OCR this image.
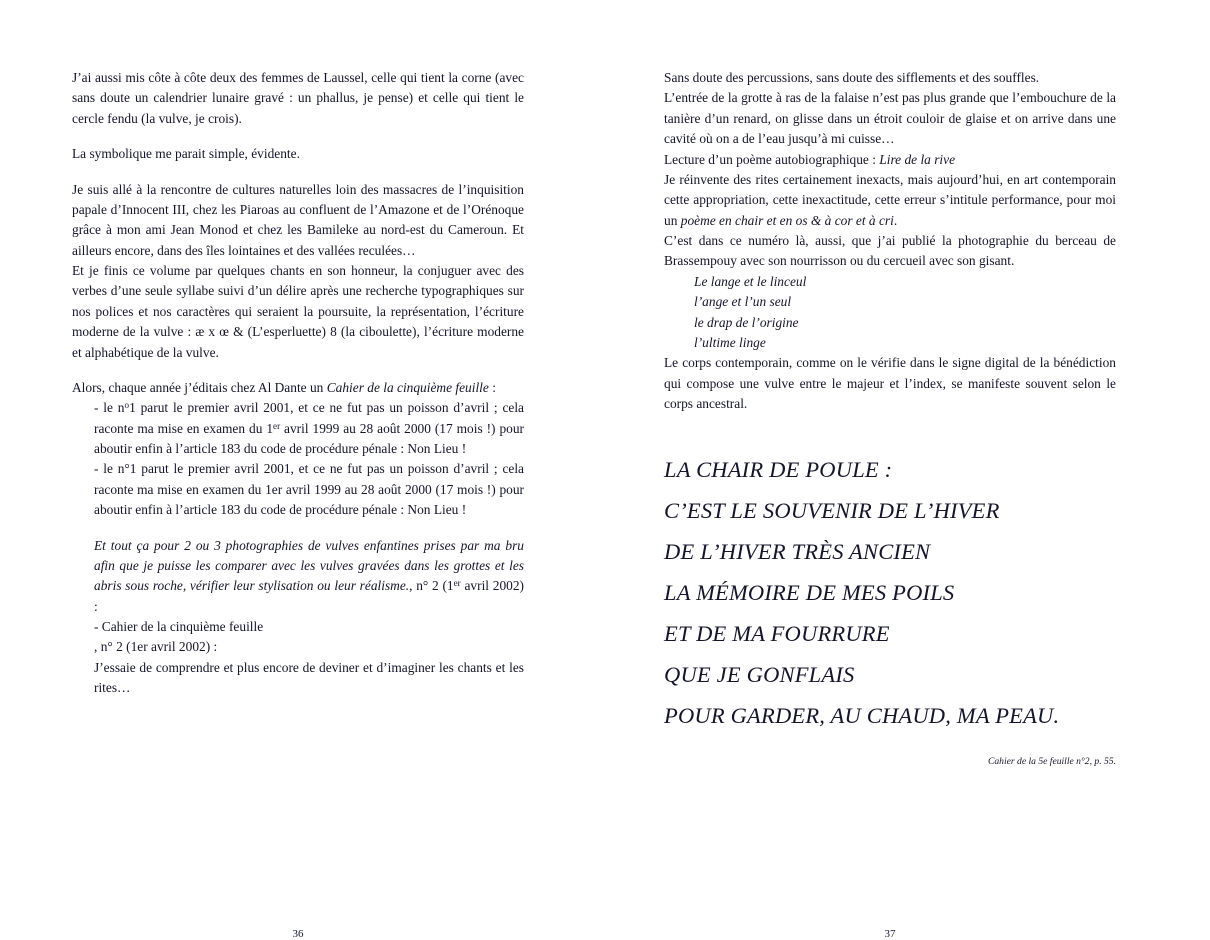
J’ai aussi mis côte à côte deux des femmes de Laussel, celle qui tient la corne (avec sans doute un calendrier lunaire gravé : un phallus, je pense) et celle qui tient le cercle fendu (la vulve, je crois).

La symbolique me parait simple, évidente.

Je suis allé à la rencontre de cultures naturelles loin des massacres de l’inquisition papale d’Innocent III, chez les Piaroas au confluent de l’Amazone et de l’Orénoque grâce à mon ami Jean Monod et chez les Bamileke au nord-est du Cameroun. Et ailleurs encore, dans des îles lointaines et des vallées reculées…

Et je finis ce volume par quelques chants en son honneur, la conjuguer avec des verbes d’une seule syllabe suivi d’un délire après une recherche typographiques sur nos polices et nos caractères qui seraient la poursuite, la représentation, l’écriture moderne de la vulve : æ x œ & (L’esperluette) 8 (la ciboulette), l’écriture moderne et alphabétique de la vulve.

Alors, chaque année j’éditais chez Al Dante un Cahier de la cinquième feuille :

- le $n^o1$ parut le premier avril 2001, et ce ne fut pas un poisson d’avril ; cela raconte ma mise en examen du 1er avril 1999 au 28 août 2000 (17 mois !) pour aboutir enfin à l’article 183 du code de procédure pénale : Non Lieu !

- le n°1 parut le premier avril 2001, et ce ne fut pas un poisson d’avril ; cela raconte ma mise en examen du 1er avril 1999 au 28 août 2000 (17 mois !) pour aboutir enfin à l’article 183 du code de procédure pénale : Non Lieu !

Et tout ça pour 2 ou 3 photographies de vulves enfantines prises par ma bru afin que je puisse les comparer avec les vulves gravées dans les grottes et les abris sous roche, vérifier leur stylisation ou leur réalisme., n° 2 (1er avril 2002) :

- Cahier de la cinquième feuille

, n° 2 (1er avril 2002) :

J’essaie de comprendre et plus encore de deviner et d’imaginer les chants et les rites…

36

Sans doute des percussions, sans doute des sifflements et des souffles.

L’entrée de la grotte à ras de la falaise n’est pas plus grande que l’embouchure de la tanière d’un renard, on glisse dans un étroit couloir de glaise et on arrive dans une cavité où on a de l’eau jusqu’à mi cuisse…

Lecture d’un poème autobiographique : Lire de la rive

Je réinvente des rites certainement inexacts, mais aujourd’hui, en art contemporain cette appropriation, cette inexactitude, cette erreur s’intitule performance, pour moi un poème en chair et en os & à cor et à cri.

C’est dans ce numéro là, aussi, que j’ai publié la photographie du berceau de Brassempouy avec son nourrisson ou du cercueil avec son gisant.

Le lange et le linceul
l’ange et l’un seul
le drap de l’origine
l’ultime linge

Le corps contemporain, comme on le vérifie dans le signe digital de la bénédiction qui compose une vulve entre le majeur et l’index, se manifeste souvent selon le corps ancestral.

LA CHAIR DE POULE :
C’EST LE SOUVENIR DE L’HIVER
DE L’HIVER TRÈS ANCIEN
LA MÉMOIRE DE MES POILS
ET DE MA FOURRURE
QUE JE GONFLAIS
POUR GARDER, AU CHAUD, MA PEAU.
Cahier de la 5e feuille n°2, p. 55.
37
